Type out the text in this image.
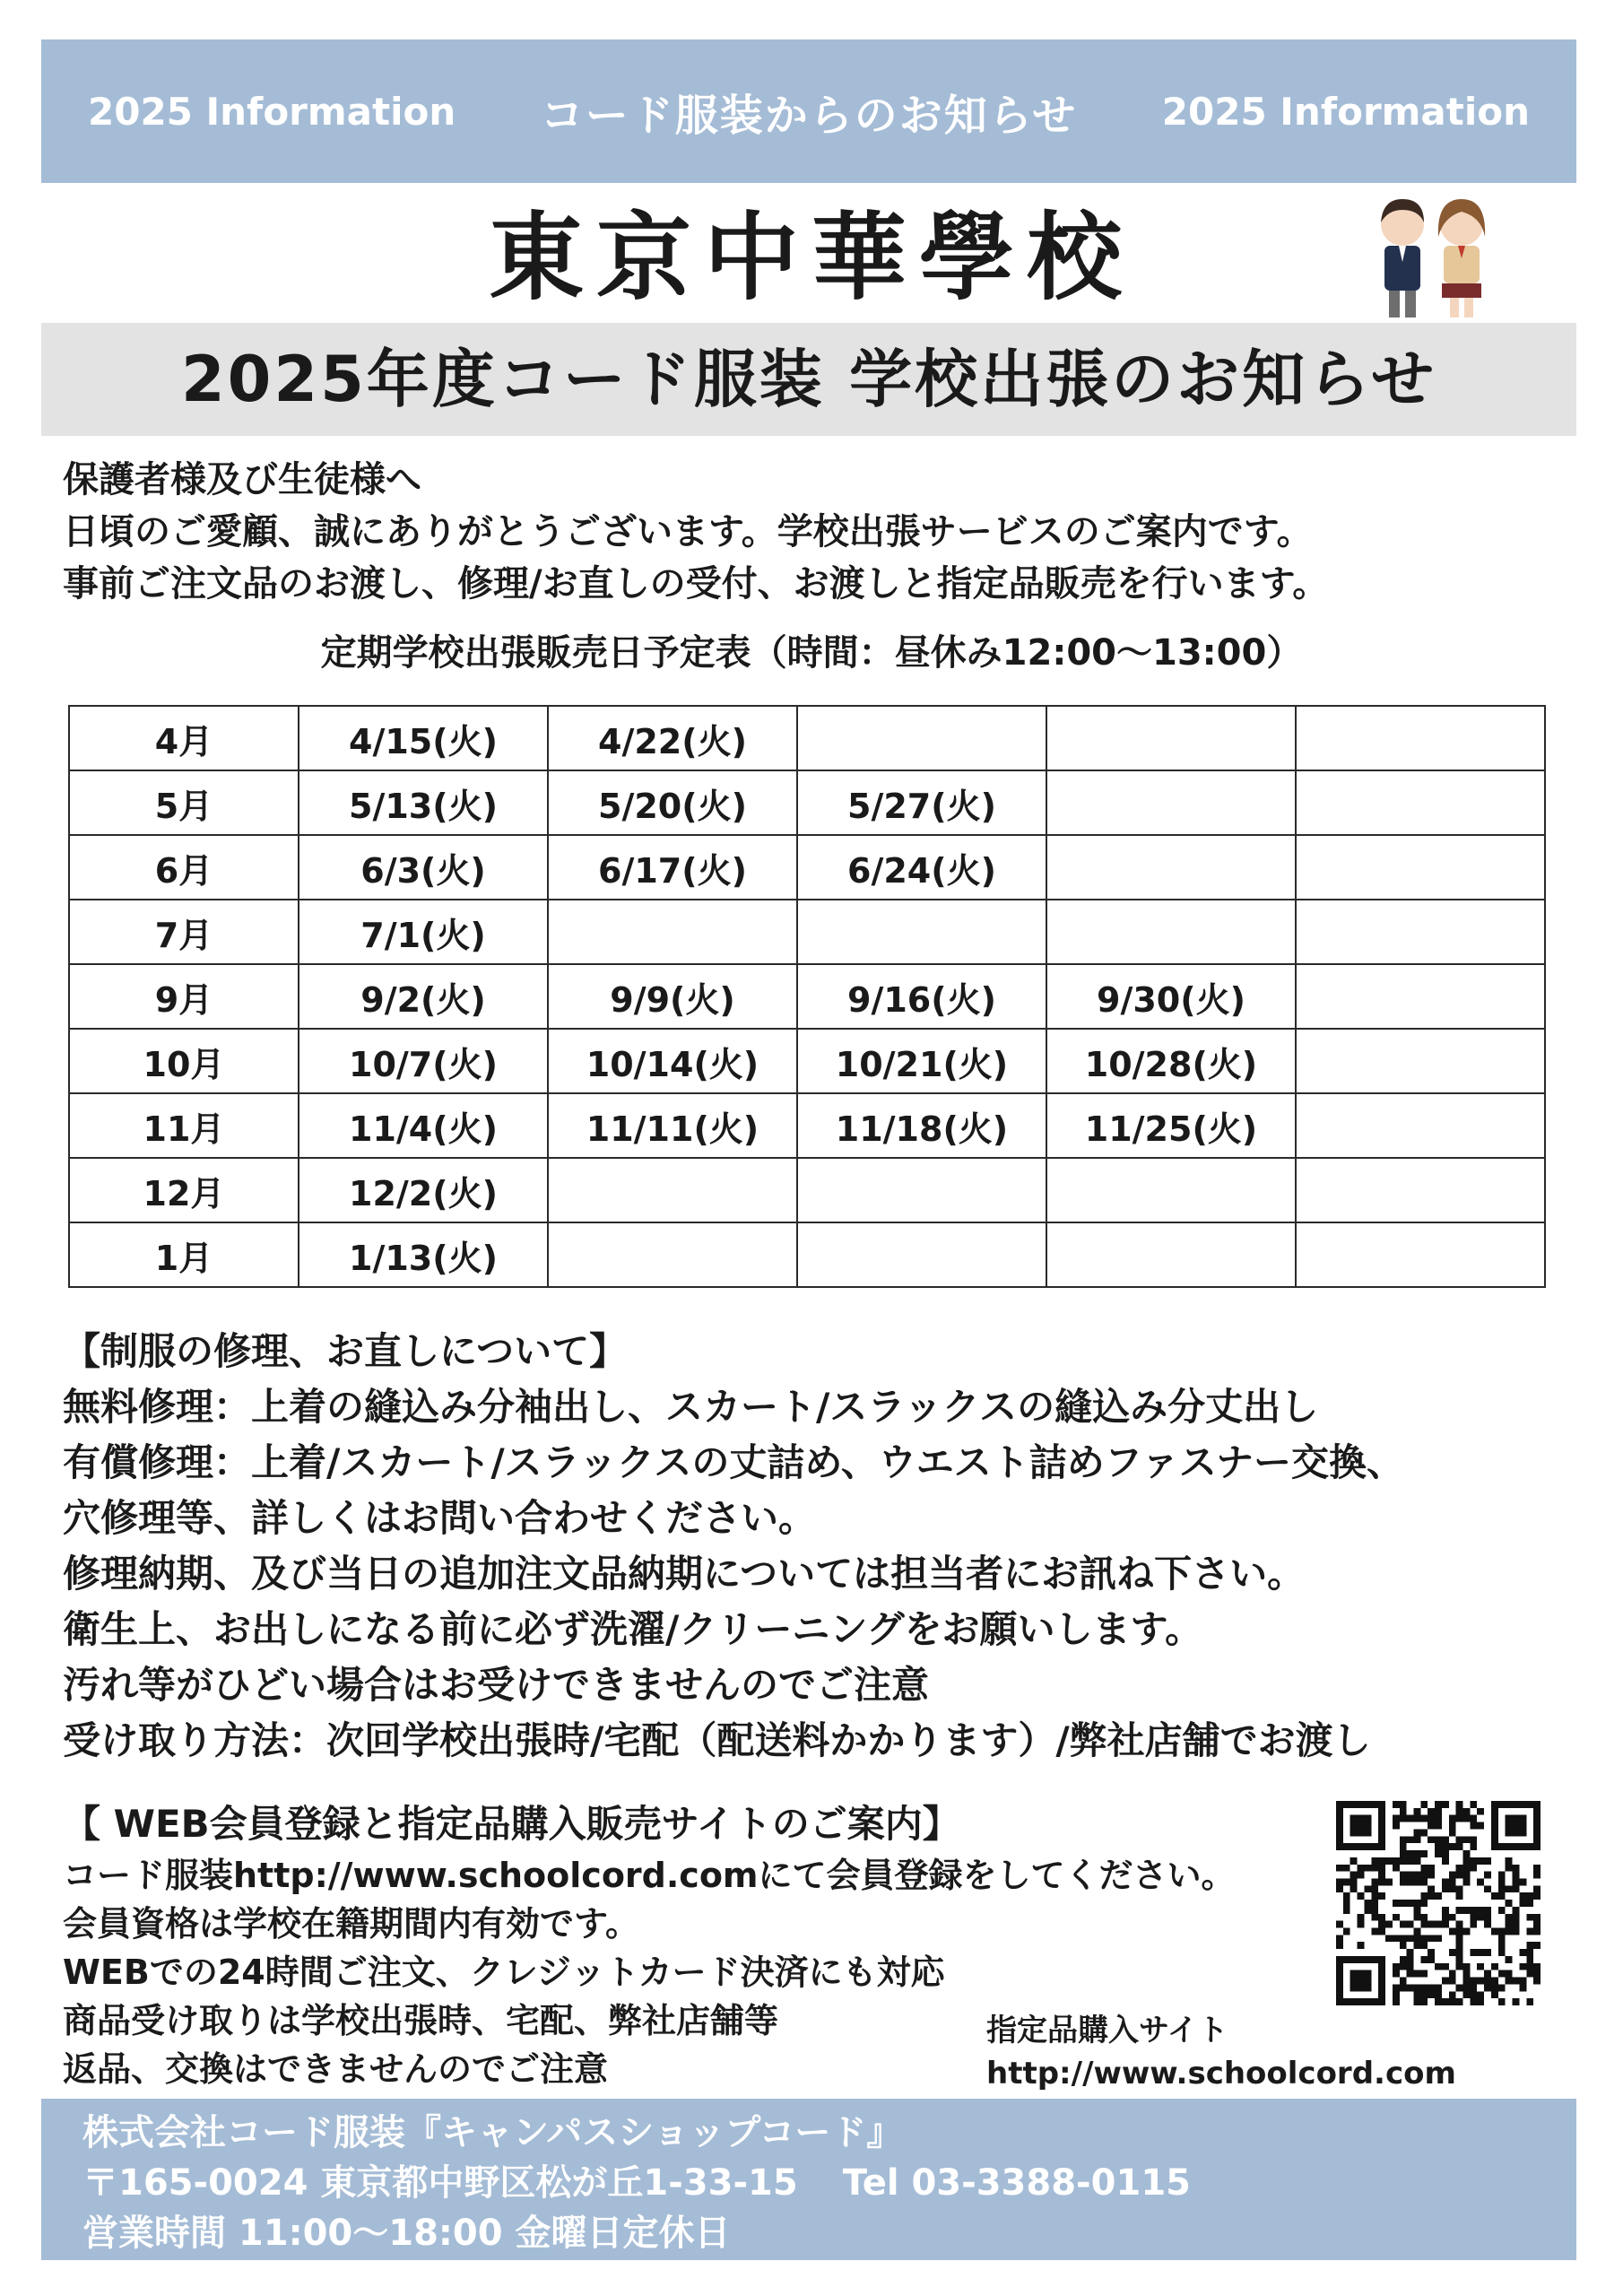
2025 Information コード服装からのお知らせ 2025 Information
東京中華學校
2025年度コード服装 学校出張のお知らせ
保護者様及び生徒様へ
日頃のご愛顧、誠にありがとうございます。学校出張サービスのご案内です。
事前ご注文品のお渡し、修理/お直しの受付、お渡しと指定品販売を行います。
定期学校出張販売日予定表（時間：昼休み12:00〜13:00）
4月	4/15(火)	4/22(火)			
5月	5/13(火)	5/20(火)	5/27(火)		
6月	6/3(火)	6/17(火)	6/24(火)		
7月	7/1(火)				
9月	9/2(火)	9/9(火)	9/16(火)	9/30(火)	
10月	10/7(火)	10/14(火)	10/21(火)	10/28(火)	
11月	11/4(火)	11/11(火)	11/18(火)	11/25(火)	
12月	12/2(火)				
1月	1/13(火)				
【制服の修理、お直しについて】
無料修理：上着の縫込み分袖出し、スカート/スラックスの縫込み分丈出し
有償修理：上着/スカート/スラックスの丈詰め、ウエスト詰めファスナー交換、
穴修理等、詳しくはお問い合わせください。
修理納期、及び当日の追加注文品納期については担当者にお訊ね下さい。
衛生上、お出しになる前に必ず洗濯/クリーニングをお願いします。
汚れ等がひどい場合はお受けできませんのでご注意
受け取り方法：次回学校出張時/宅配（配送料かかります）/弊社店舗でお渡し
【 WEB会員登録と指定品購入販売サイトのご案内】
コード服装http://www.schoolcord.comにて会員登録をしてください。
会員資格は学校在籍期間内有効です。
WEBでの24時間ご注文、クレジットカード決済にも対応
商品受け取りは学校出張時、宅配、弊社店舗等
返品、交換はできませんのでご注意
指定品購入サイト
http://www.schoolcord.com
株式会社コード服装『キャンパスショップコード』
〒165-0024 東京都中野区松が丘1-33-15 Tel 03-3388-0115
営業時間 11:00〜18:00 金曜日定休日
